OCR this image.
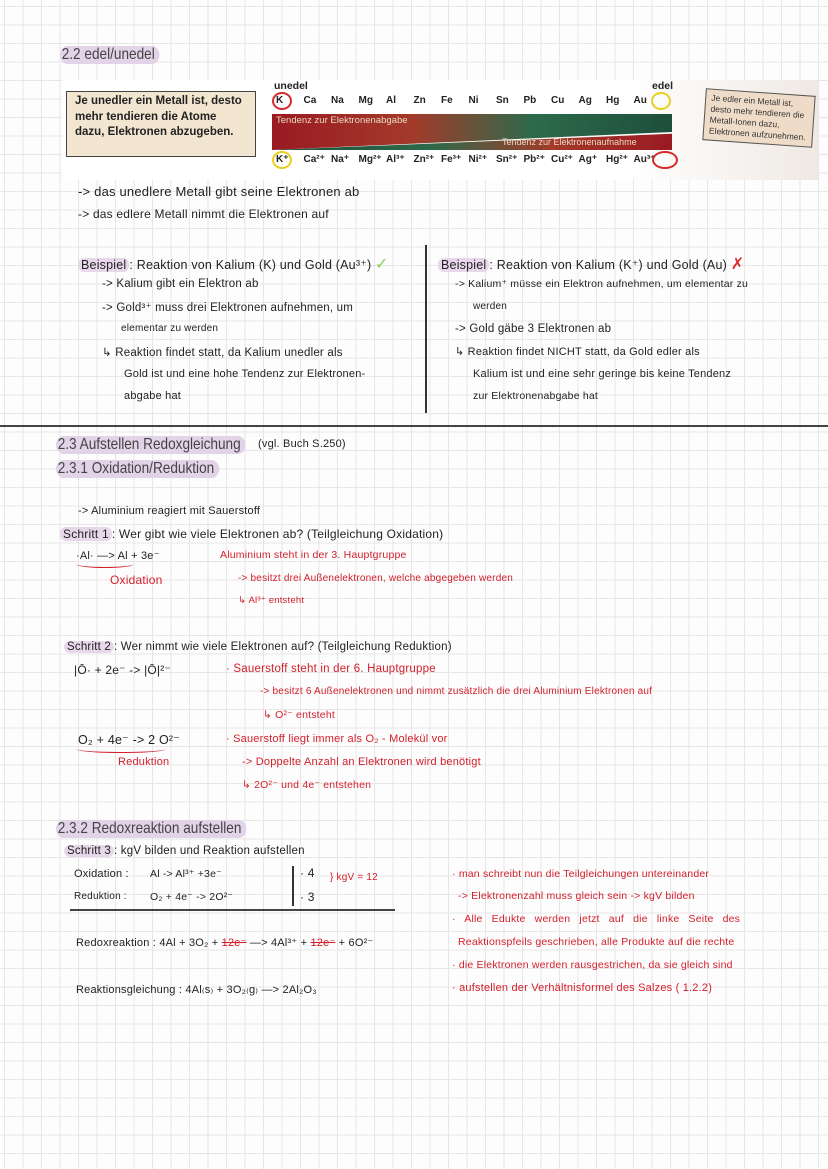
2.2 edel/unedel
Je unedler ein Metall ist, desto mehr tendieren die Atome dazu, Elektronen abzugeben.
unedel	edel
K Ca Na Mg Al Zn Fe Ni Sn Pb Cu Ag Hg Au
Tendenz zur Elektronenabgabe
Tendenz zur Elektronenaufnahme
K⁺ Ca²⁺ Na⁺ Mg²⁺ Al³⁺ Zn²⁺ Fe³⁺ Ni²⁺ Sn²⁺ Pb²⁺ Cu²⁺ Ag⁺ Hg²⁺ Au³⁺
Je edler ein Metall ist, desto mehr tendieren die Metall-Ionen dazu, Elektronen aufzunehmen.
-> das unedlere Metall gibt seine Elektronen ab
-> das edlere Metall nimmt die Elektronen auf
Beispiel : Reaktion von Kalium (K) und Gold (Au³⁺) ✓
-> Kalium gibt ein Elektron ab
-> Gold³⁺ muss drei Elektronen aufnehmen, um
elementar zu werden
↳ Reaktion findet statt, da Kalium unedler als
Gold ist und eine hohe Tendenz zur Elektronen-
abgabe hat
Beispiel : Reaktion von Kalium (K⁺) und Gold (Au) ✗
-> Kalium⁺ müsse ein Elektron aufnehmen, um elementar zu
werden
-> Gold gäbe 3 Elektronen ab
↳ Reaktion findet NICHT statt, da Gold edler als
Kalium ist und eine sehr geringe bis keine Tendenz
zur Elektronenabgabe hat
2.3 Aufstellen Redoxgleichung	(vgl. Buch S.250)
2.3.1 Oxidation/Reduktion
-> Aluminium reagiert mit Sauerstoff
Schritt 1 : Wer gibt wie viele Elektronen ab? (Teilgleichung Oxidation)
·Al· —> Al + 3e⁻
Oxidation
Aluminium steht in der 3. Hauptgruppe
-> besitzt drei Außenelektronen, welche abgegeben werden
↳ Al³⁺ entsteht
Schritt 2 : Wer nimmt wie viele Elektronen auf? (Teilgleichung Reduktion)
|Ō· + 2e⁻ -> |Ō|²⁻	· Sauerstoff steht in der 6. Hauptgruppe
-> besitzt 6 Außenelektronen und nimmt zusätzlich die drei Aluminium Elektronen auf
↳ O²⁻ entsteht
O₂ + 4e⁻ -> 2 O²⁻
Reduktion
· Sauerstoff liegt immer als O₂ - Molekül vor
-> Doppelte Anzahl an Elektronen wird benötigt
↳ 2O²⁻ und 4e⁻ entstehen
2.3.2 Redoxreaktion aufstellen
Schritt 3 : kgV bilden und Reaktion aufstellen
Oxidation : Al -> Al³⁺ +3e⁻
Reduktion : O₂ + 4e⁻ -> 2O²⁻
· 4
· 3
} kgV = 12
Redoxreaktion : 4Al + 3O₂ + 12e⁻ —> 4Al³⁺ + 12e⁻ + 6O²⁻
Reaktionsgleichung : 4Al₍s₎ + 3O₂₍g₎ —> 2Al₂O₃
· man schreibt nun die Teilgleichungen untereinander
-> Elektronenzahl muss gleich sein -> kgV bilden
· Alle Edukte werden jetzt auf die linke Seite des
Reaktionspfeils geschrieben, alle Produkte auf die rechte
· die Elektronen werden rausgestrichen, da sie gleich sind
· aufstellen der Verhältnisformel des Salzes ( 1.2.2)
